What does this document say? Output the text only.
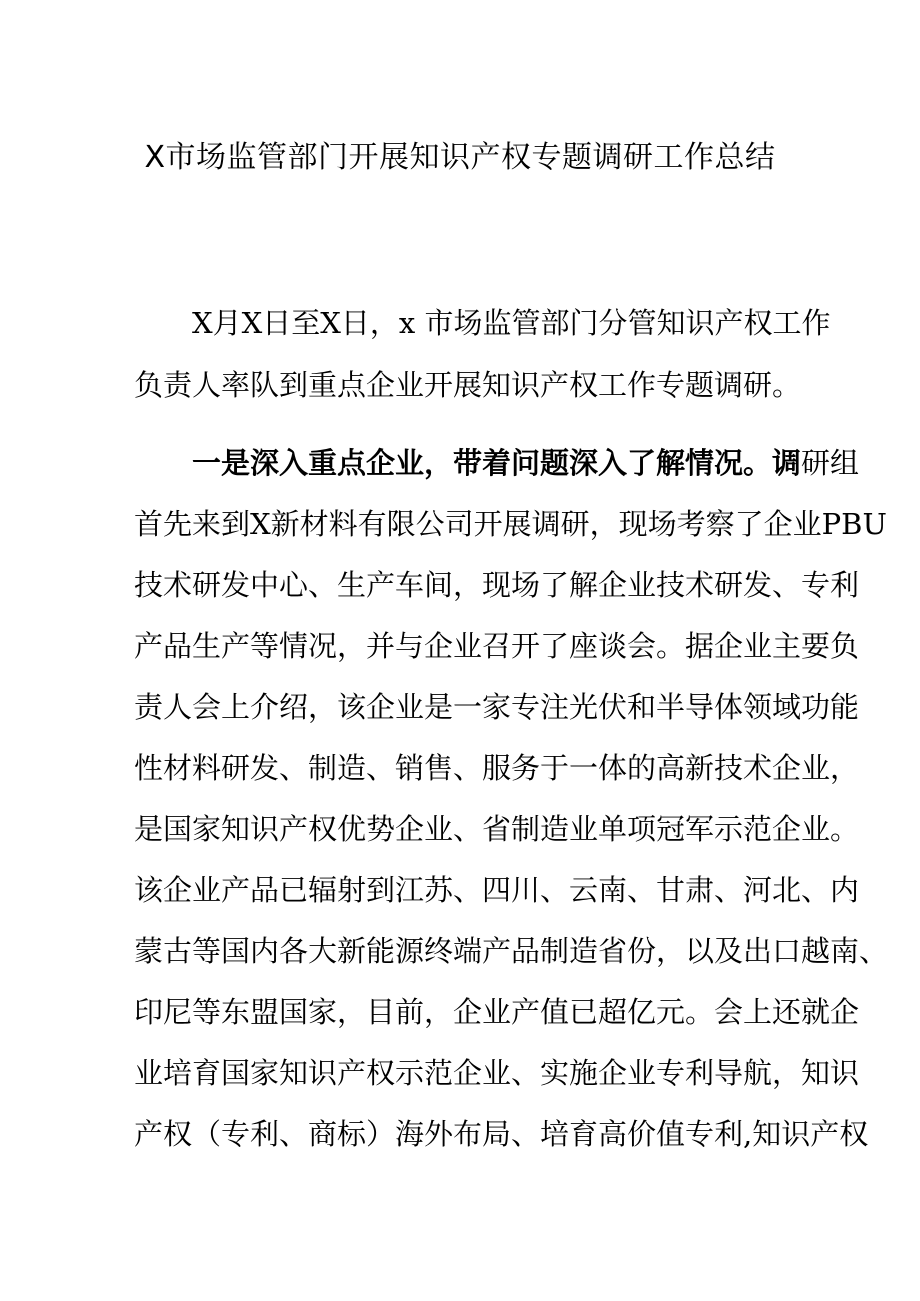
X市场监管部门开展知识产权专题调研工作总结
X月X日至X日，x 市场监管部门分管知识产权工作
负责人率队到重点企业开展知识产权工作专题调研。
一是深入重点企业，带着问题深入了解情况。调研组
首先来到X新材料有限公司开展调研，现场考察了企业PBU
技术研发中心、生产车间，现场了解企业技术研发、专利
产品生产等情况，并与企业召开了座谈会。据企业主要负
责人会上介绍，该企业是一家专注光伏和半导体领域功能
性材料研发、制造、销售、服务于一体的高新技术企业，
是国家知识产权优势企业、省制造业单项冠军示范企业。
该企业产品已辐射到江苏、四川、云南、甘肃、河北、内
蒙古等国内各大新能源终端产品制造省份，以及出口越南、
印尼等东盟国家，目前，企业产值已超亿元。会上还就企
业培育国家知识产权示范企业、实施企业专利导航，知识
产权（专利、商标）海外布局、培育高价值专利,知识产权
